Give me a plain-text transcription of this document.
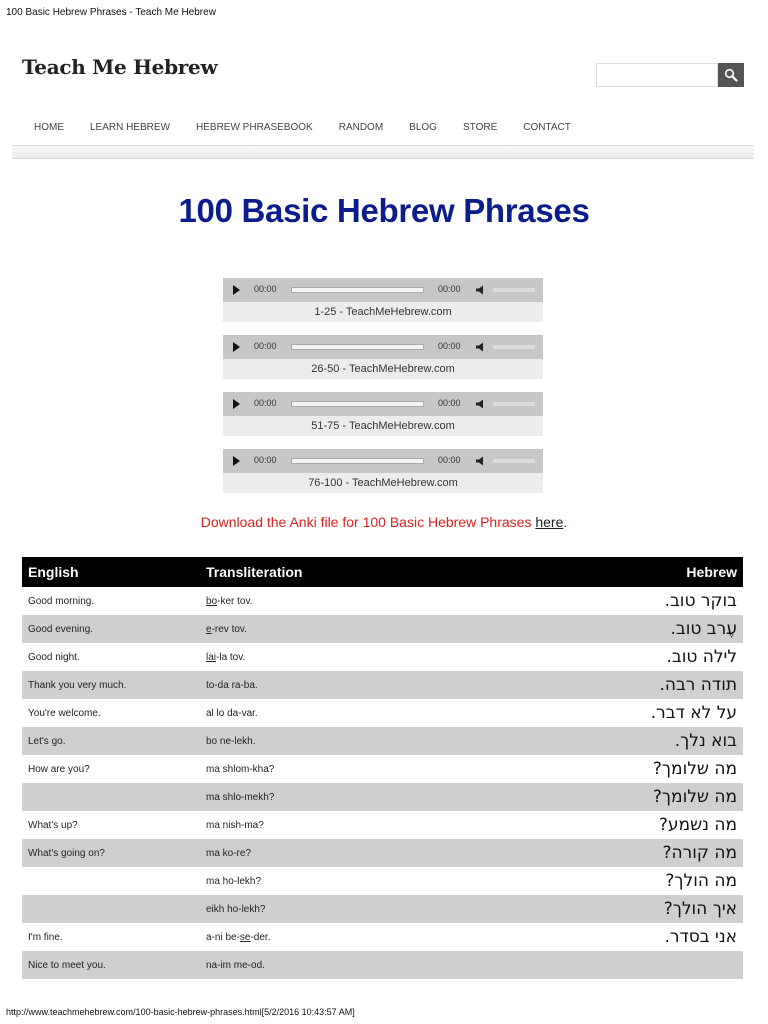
100 Basic Hebrew Phrases - Teach Me Hebrew
Teach Me Hebrew
HOME	LEARN HEBREW	HEBREW PHRASEBOOK	RANDOM	BLOG	STORE	CONTACT
100 Basic Hebrew Phrases
00:00	00:00
1-25 - TeachMeHebrew.com
00:00	00:00
26-50 - TeachMeHebrew.com
00:00	00:00
51-75 - TeachMeHebrew.com
00:00	00:00
76-100 - TeachMeHebrew.com

Download the Anki file for 100 Basic Hebrew Phrases here.

English	Transliteration	Hebrew
Good morning.	bo-ker tov.	בוקר טוב.
Good evening.	e-rev tov.	עֶרב טוב.
Good night.	lai-la tov.	לילה טוב.
Thank you very much.	to-da ra-ba.	תודה רבה.
You're welcome.	al lo da-var.	על לא דבר.
Let's go.	bo ne-lekh.	בוא נלך.
How are you?	ma shlom-kha?	מה שלומך?
	ma shlo-mekh?	מה שלומך?
What's up?	ma nish-ma?	מה נשמע?
What's going on?	ma ko-re?	מה קורה?
	ma ho-lekh?	מה הולך?
	eikh ho-lekh?	איך הולך?
I'm fine.	a-ni be-se-der.	אני בסדר.
Nice to meet you.	na-im me-od.	
http://www.teachmehebrew.com/100-basic-hebrew-phrases.html[5/2/2016 10:43:57 AM]
